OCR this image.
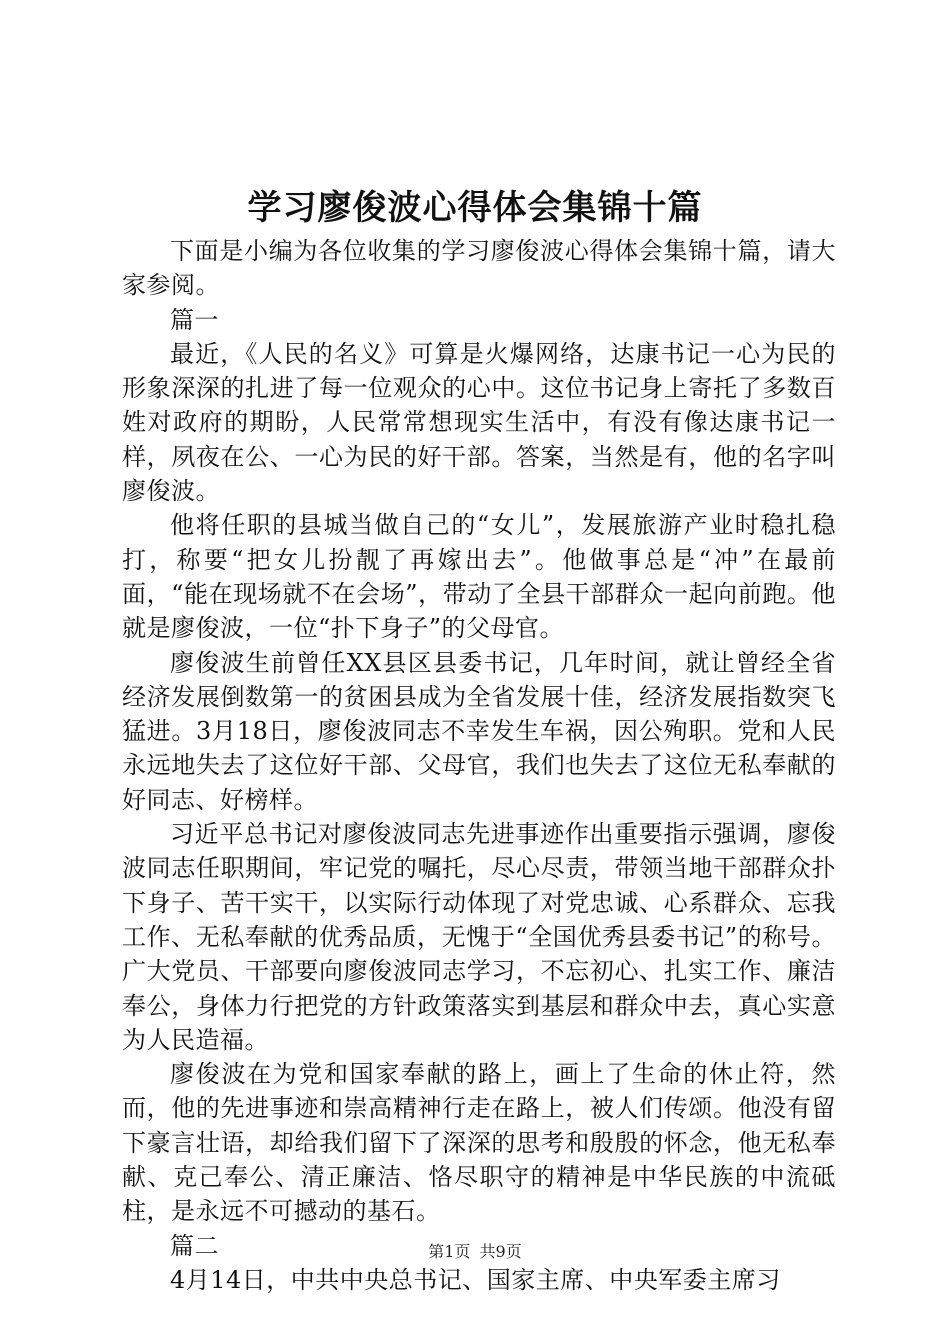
学习廖俊波心得体会集锦十篇

下面是小编为各位收集的学习廖俊波心得体会集锦十篇，请大家参阅。

篇一

最近，《人民的名义》可算是火爆网络，达康书记一心为民的形象深深的扎进了每一位观众的心中。这位书记身上寄托了多数百姓对政府的期盼，人民常常想现实生活中，有没有像达康书记一样，夙夜在公、一心为民的好干部。答案，当然是有，他的名字叫廖俊波。

他将任职的县城当做自己的“女儿”，发展旅游产业时稳扎稳打，称要“把女儿扮靓了再嫁出去”。他做事总是“冲”在最前面，“能在现场就不在会场”，带动了全县干部群众一起向前跑。他就是廖俊波，一位“扑下身子”的父母官。

廖俊波生前曾任XX县区县委书记，几年时间，就让曾经全省经济发展倒数第一的贫困县成为全省发展十佳，经济发展指数突飞猛进。3月18日，廖俊波同志不幸发生车祸，因公殉职。党和人民永远地失去了这位好干部、父母官，我们也失去了这位无私奉献的好同志、好榜样。

习近平总书记对廖俊波同志先进事迹作出重要指示强调，廖俊波同志任职期间，牢记党的嘱托，尽心尽责，带领当地干部群众扑下身子、苦干实干，以实际行动体现了对党忠诚、心系群众、忘我工作、无私奉献的优秀品质，无愧于“全国优秀县委书记”的称号。广大党员、干部要向廖俊波同志学习，不忘初心、扎实工作、廉洁奉公，身体力行把党的方针政策落实到基层和群众中去，真心实意为人民造福。

廖俊波在为党和国家奉献的路上，画上了生命的休止符，然而，他的先进事迹和崇高精神行走在路上，被人们传颂。他没有留下豪言壮语，却给我们留下了深深的思考和殷殷的怀念，他无私奉献、克己奉公、清正廉洁、恪尽职守的精神是中华民族的中流砥柱，是永远不可撼动的基石。

篇二

4月14日，中共中央总书记、国家主席、中央军委主席习

第1页 共9页
